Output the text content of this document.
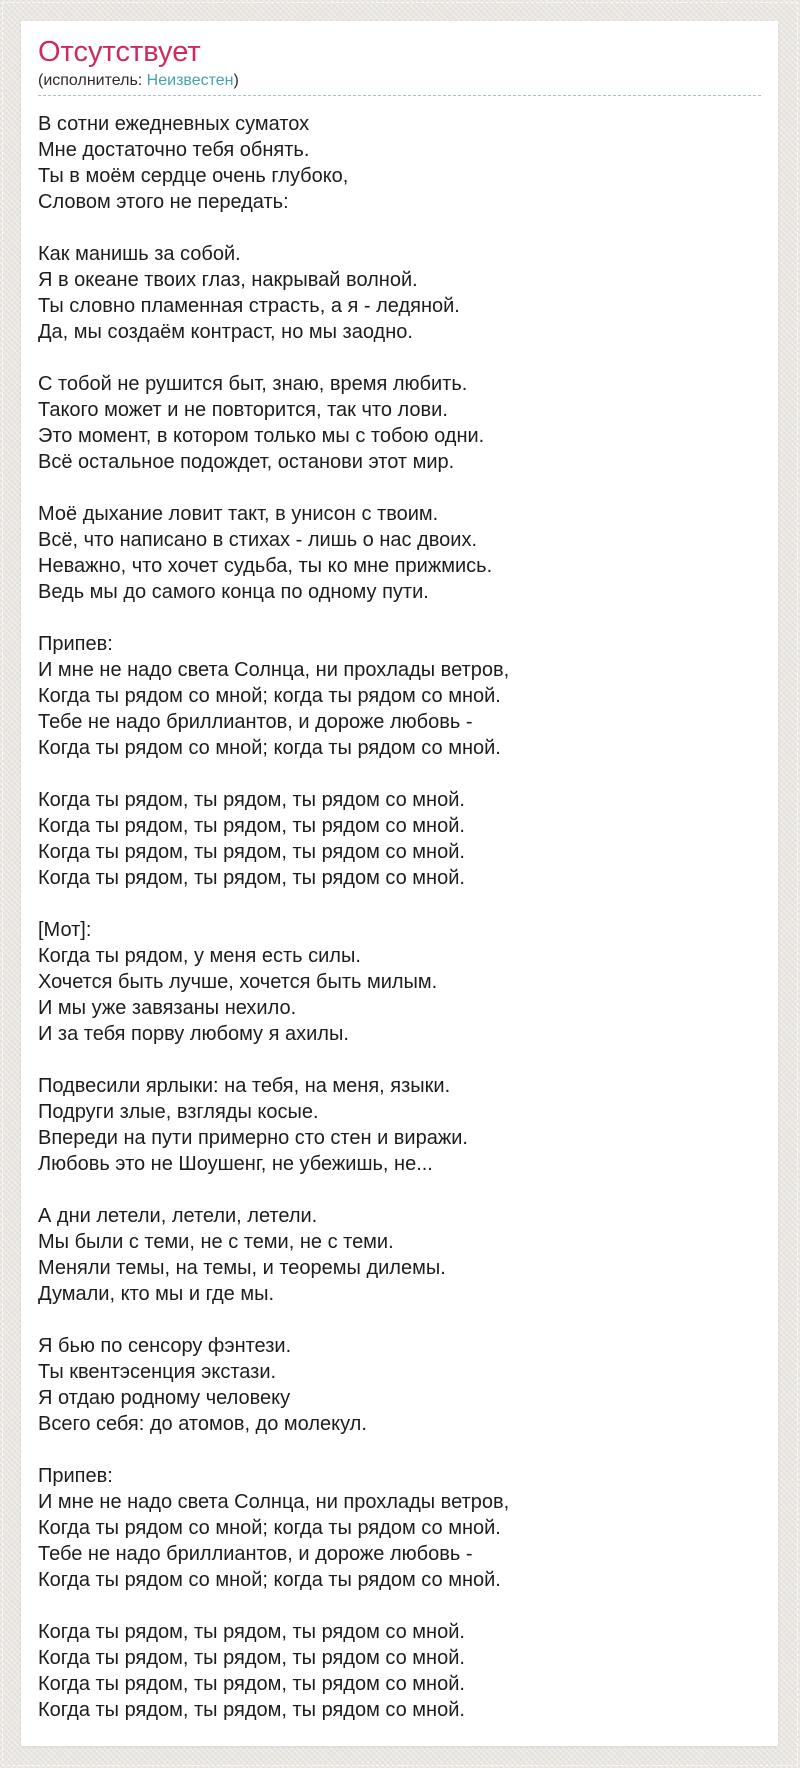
Отсутствует
(исполнитель: Неизвестен)
В сотни ежедневных суматох
Мне достаточно тебя обнять.
Ты в моём сердце очень глубоко,
Словом этого не передать:

Как манишь за собой.
Я в океане твоих глаз, накрывай волной.
Ты словно пламенная страсть, а я - ледяной.
Да, мы создаём контраст, но мы заодно.

С тобой не рушится быт, знаю, время любить.
Такого может и не повторится, так что лови.
Это момент, в котором только мы с тобою одни.
Всё остальное подождет, останови этот мир.

Моё дыхание ловит такт, в унисон с твоим.
Всё, что написано в стихах - лишь о нас двоих.
Неважно, что хочет судьба, ты ко мне прижмись.
Ведь мы до самого конца по одному пути.

Припев:
И мне не надо света Солнца, ни прохлады ветров,
Когда ты рядом со мной; когда ты рядом со мной.
Тебе не надо бриллиантов, и дороже любовь -
Когда ты рядом со мной; когда ты рядом со мной.

Когда ты рядом, ты рядом, ты рядом со мной.
Когда ты рядом, ты рядом, ты рядом со мной.
Когда ты рядом, ты рядом, ты рядом со мной.
Когда ты рядом, ты рядом, ты рядом со мной.

[Мот]:
Когда ты рядом, у меня есть силы.
Хочется быть лучше, хочется быть милым.
И мы уже завязаны нехило.
И за тебя порву любому я ахилы.

Подвесили ярлыки: на тебя, на меня, языки.
Подруги злые, взгляды косые.
Впереди на пути примерно сто стен и виражи.
Любовь это не Шоушенг, не убежишь, не...

А дни летели, летели, летели.
Мы были с теми, не с теми, не с теми.
Меняли темы, на темы, и теоремы дилемы.
Думали, кто мы и где мы.

Я бью по сенсору фэнтези.
Ты квентэсенция экстази.
Я отдаю родному человеку
Всего себя: до атомов, до молекул.

Припев:
И мне не надо света Солнца, ни прохлады ветров,
Когда ты рядом со мной; когда ты рядом со мной.
Тебе не надо бриллиантов, и дороже любовь -
Когда ты рядом со мной; когда ты рядом со мной.

Когда ты рядом, ты рядом, ты рядом со мной.
Когда ты рядом, ты рядом, ты рядом со мной.
Когда ты рядом, ты рядом, ты рядом со мной.
Когда ты рядом, ты рядом, ты рядом со мной.
